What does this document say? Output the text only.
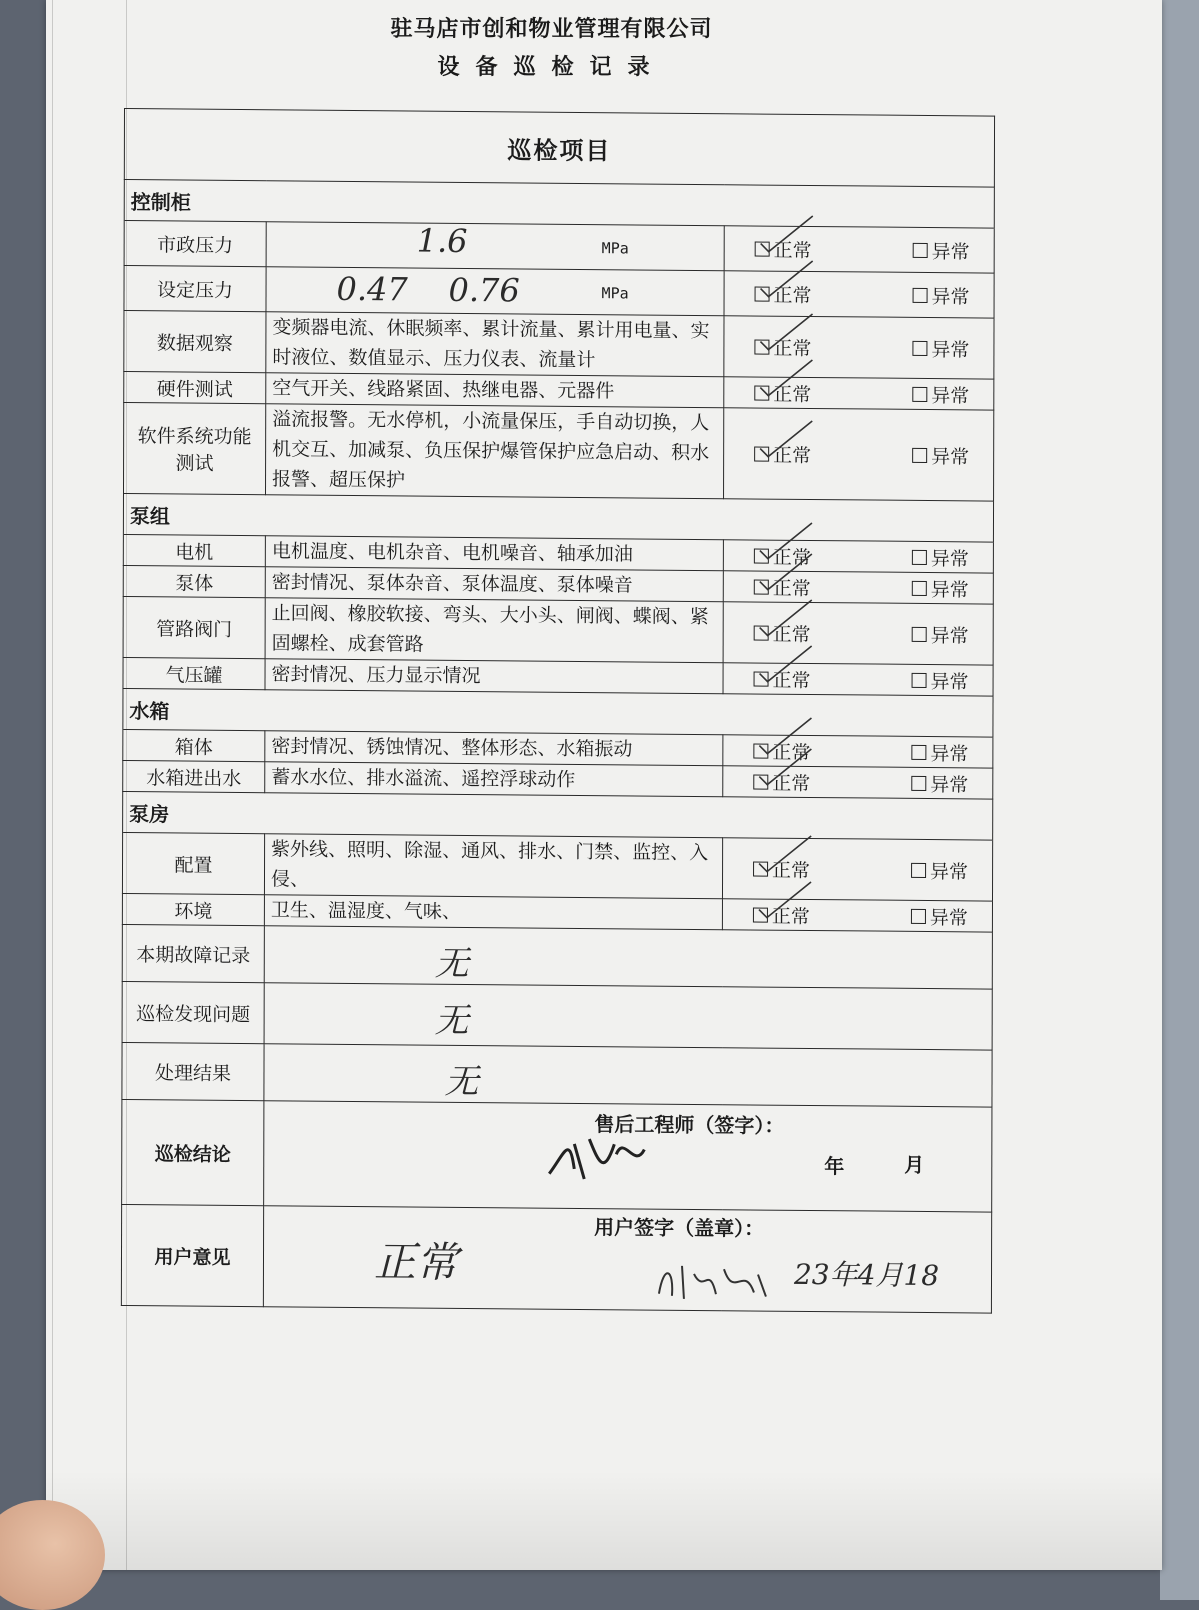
驻马店市创和物业管理有限公司
设备巡检记录
巡检项目		
控制柜		
市政压力	1.6 MPa	正常 异常

设定压力	0.47    0.76 MPa	正常 异常

数据观察	变频器电流、休眠频率、累计流量、累计用电量、实时液位、数值显示、压力仪表、流量计	正常 异常

硬件测试	空气开关、线路紧固、热继电器、元器件	正常 异常

软件系统功能测试	溢流报警。无水停机，小流量保压，手自动切换，人机交互、加减泵、负压保护爆管保护应急启动、积水报警、超压保护	正常 异常

泵组		
电机	电机温度、电机杂音、电机噪音、轴承加油	正常 异常

泵体	密封情况、泵体杂音、泵体温度、泵体噪音	正常 异常

管路阀门	止回阀、橡胶软接、弯头、大小头、闸阀、蝶阀、紧固螺栓、成套管路	正常 异常

气压罐	密封情况、压力显示情况	正常 异常

水箱		
箱体	密封情况、锈蚀情况、整体形态、水箱振动	正常 异常

水箱进出水	蓄水水位、排水溢流、遥控浮球动作	正常 异常

泵房		
配置	紫外线、照明、除湿、通风、排水、门禁、监控、入侵、	正常 异常

环境	卫生、温湿度、气味、	正常 异常

本期故障记录	无	

巡检发现问题	无	

处理结果	无	

巡检结论	售后工程师（签字）：
年 月	

用户意见	正常
用户签字（盖章）：
23年4月18	
